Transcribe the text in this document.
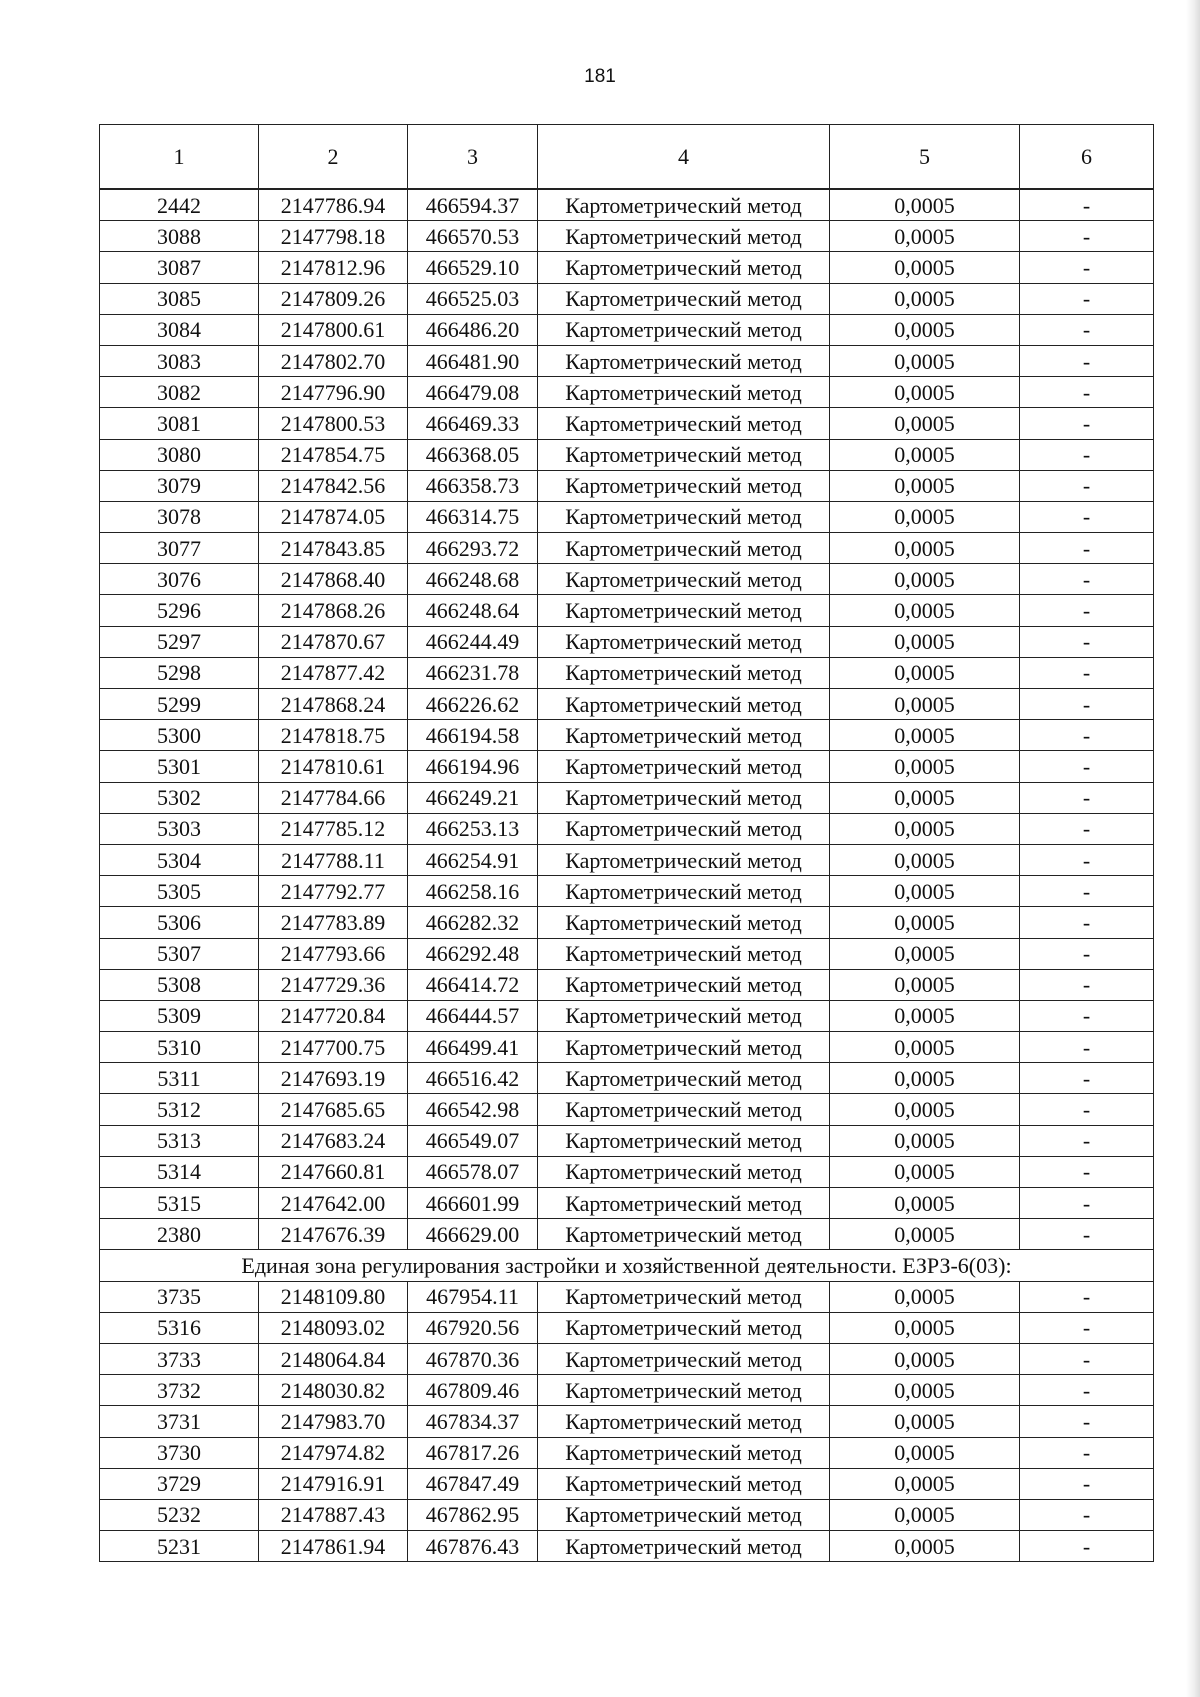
181
1	2	3	4	5	6
2442	2147786.94	466594.37	Картометрический метод	0,0005	-
3088	2147798.18	466570.53	Картометрический метод	0,0005	-
3087	2147812.96	466529.10	Картометрический метод	0,0005	-
3085	2147809.26	466525.03	Картометрический метод	0,0005	-
3084	2147800.61	466486.20	Картометрический метод	0,0005	-
3083	2147802.70	466481.90	Картометрический метод	0,0005	-
3082	2147796.90	466479.08	Картометрический метод	0,0005	-
3081	2147800.53	466469.33	Картометрический метод	0,0005	-
3080	2147854.75	466368.05	Картометрический метод	0,0005	-
3079	2147842.56	466358.73	Картометрический метод	0,0005	-
3078	2147874.05	466314.75	Картометрический метод	0,0005	-
3077	2147843.85	466293.72	Картометрический метод	0,0005	-
3076	2147868.40	466248.68	Картометрический метод	0,0005	-
5296	2147868.26	466248.64	Картометрический метод	0,0005	-
5297	2147870.67	466244.49	Картометрический метод	0,0005	-
5298	2147877.42	466231.78	Картометрический метод	0,0005	-
5299	2147868.24	466226.62	Картометрический метод	0,0005	-
5300	2147818.75	466194.58	Картометрический метод	0,0005	-
5301	2147810.61	466194.96	Картометрический метод	0,0005	-
5302	2147784.66	466249.21	Картометрический метод	0,0005	-
5303	2147785.12	466253.13	Картометрический метод	0,0005	-
5304	2147788.11	466254.91	Картометрический метод	0,0005	-
5305	2147792.77	466258.16	Картометрический метод	0,0005	-
5306	2147783.89	466282.32	Картометрический метод	0,0005	-
5307	2147793.66	466292.48	Картометрический метод	0,0005	-
5308	2147729.36	466414.72	Картометрический метод	0,0005	-
5309	2147720.84	466444.57	Картометрический метод	0,0005	-
5310	2147700.75	466499.41	Картометрический метод	0,0005	-
5311	2147693.19	466516.42	Картометрический метод	0,0005	-
5312	2147685.65	466542.98	Картометрический метод	0,0005	-
5313	2147683.24	466549.07	Картометрический метод	0,0005	-
5314	2147660.81	466578.07	Картометрический метод	0,0005	-
5315	2147642.00	466601.99	Картометрический метод	0,0005	-
2380	2147676.39	466629.00	Картометрический метод	0,0005	-
Единая зона регулирования застройки и хозяйственной деятельности. ЕЗРЗ-6(03):					
3735	2148109.80	467954.11	Картометрический метод	0,0005	-
5316	2148093.02	467920.56	Картометрический метод	0,0005	-
3733	2148064.84	467870.36	Картометрический метод	0,0005	-
3732	2148030.82	467809.46	Картометрический метод	0,0005	-
3731	2147983.70	467834.37	Картометрический метод	0,0005	-
3730	2147974.82	467817.26	Картометрический метод	0,0005	-
3729	2147916.91	467847.49	Картометрический метод	0,0005	-
5232	2147887.43	467862.95	Картометрический метод	0,0005	-
5231	2147861.94	467876.43	Картометрический метод	0,0005	-
